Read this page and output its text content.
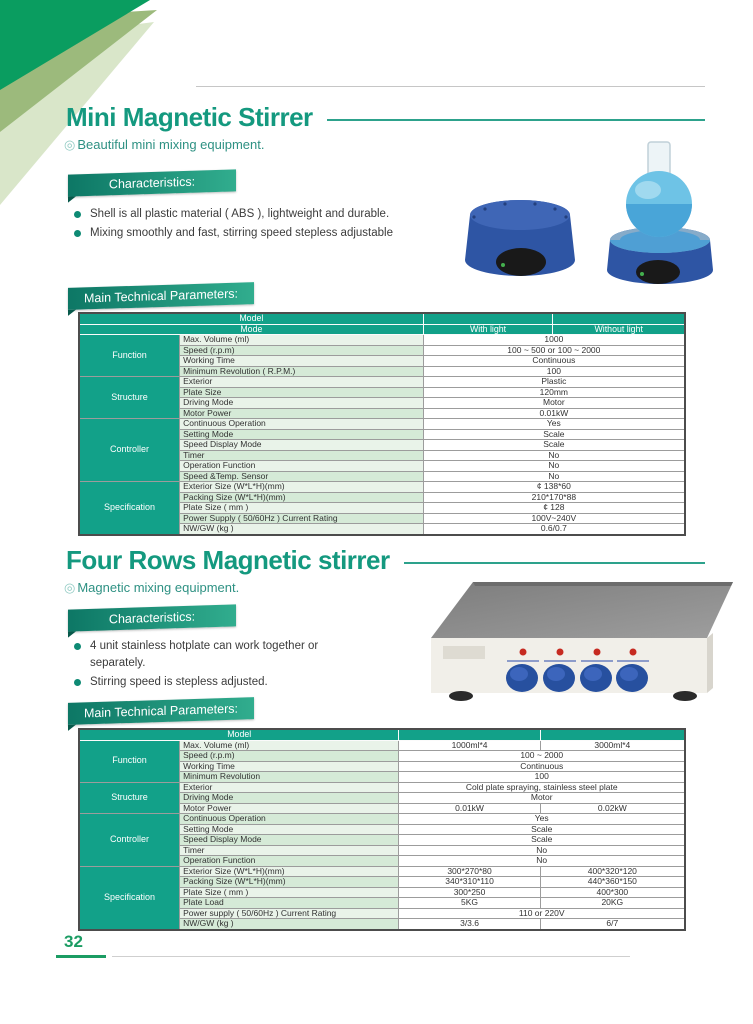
Mini Magnetic Stirrer
◎ Beautiful mini mixing equipment.
Characteristics:
Shell is all plastic material ( ABS ), lightweight and durable.
Mixing smoothly and fast, stirring speed stepless adjustable
Main Technical Parameters:
Model			
Mode		With light	Without light
Function	Max. Volume (ml)	1000	
	Speed (r.p.m)	100 ~ 500 or 100 ~ 2000	
	Working Time	Continuous	
	Minimum Revolution ( R.P.M.)	100	
Structure	Exterior	Plastic	
	Plate Size	120mm	
	Driving Mode	Motor	
	Motor Power	0.01kW	
Controller	Continuous Operation	Yes	
	Setting Mode	Scale	
	Speed Display Mode	Scale	
	Timer	No	
	Operation Function	No	
	Speed &Temp. Sensor	No	
Specification	Exterior Size (W*L*H)(mm)	¢ 138*60	
	Packing Size (W*L*H)(mm)	210*170*88	
	Plate Size ( mm )	¢ 128	
	Power Supply ( 50/60Hz ) Current Rating	100V~240V	
	NW/GW (kg )	0.6/0.7	
Four Rows Magnetic stirrer
◎ Magnetic mixing equipment.
Characteristics:
4 unit stainless hotplate can work together or separately.
Stirring speed is stepless adjusted.
Main Technical Parameters:
Model			
Function	Max. Volume (ml)	1000ml*4	3000ml*4
	Speed (r.p.m)	100 ~ 2000	
	Working Time	Continuous	
	Minimum Revolution	100	
Structure	Exterior	Cold plate spraying, stainless steel plate	
	Driving Mode	Motor	
	Motor Power	0.01kW	0.02kW
Controller	Continuous Operation	Yes	
	Setting Mode	Scale	
	Speed Display Mode	Scale	
	Timer	No	
	Operation Function	No	
Specification	Exterior Size (W*L*H)(mm)	300*270*80	400*320*120
	Packing Size (W*L*H)(mm)	340*310*110	440*360*150
	Plate Size ( mm )	300*250	400*300
	Plate Load	5KG	20KG
	Power supply ( 50/60Hz ) Current Rating	110 or 220V	
	NW/GW (kg )	3/3.6	6/7
32
